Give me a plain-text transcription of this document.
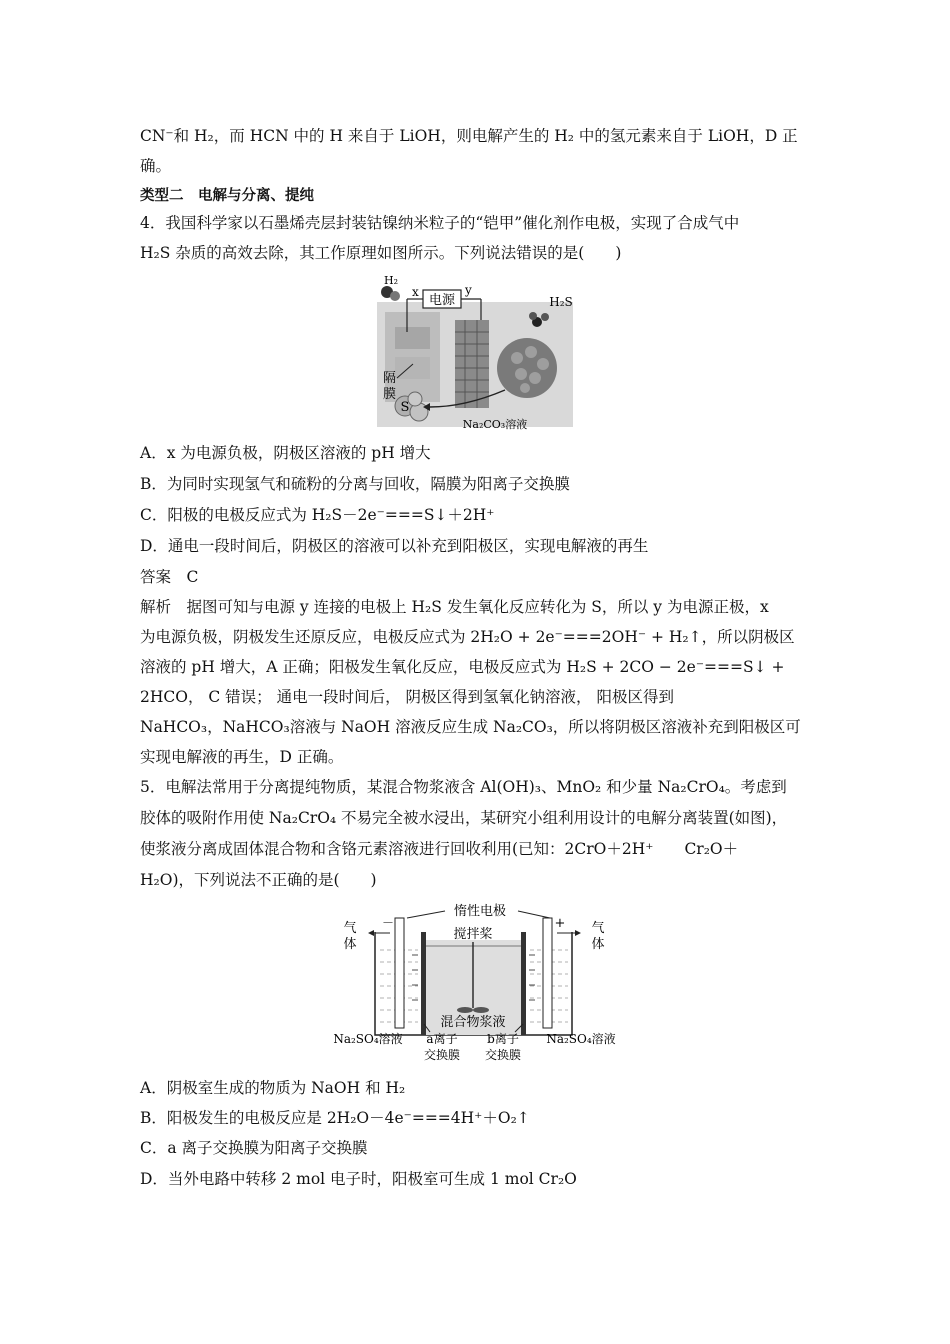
CN⁻和 H₂，而 HCN 中的 H 来自于 LiOH，则电解产生的 H₂ 中的氢元素来自于 LiOH，D 正
确。
类型二　电解与分离、提纯
4．我国科学家以石墨烯壳层封装钴镍纳米粒子的“铠甲”催化剂作电极，实现了合成气中
H₂S 杂质的高效去除，其工作原理如图所示。下列说法错误的是(　　)
电源
x	y
H₂
H₂S
隔
膜
S
Na₂CO₃溶液
A．x 为电源负极，阴极区溶液的 pH 增大
B．为同时实现氢气和硫粉的分离与回收，隔膜为阳离子交换膜
C．阳极的电极反应式为 H₂S－2e⁻===S↓＋2H⁺
D．通电一段时间后，阴极区的溶液可以补充到阳极区，实现电解液的再生
答案　C
解析　据图可知与电源 y 连接的电极上 H₂S 发生氧化反应转化为 S，所以 y 为电源正极，x
为电源负极，阴极发生还原反应，电极反应式为 2H₂O + 2e⁻===2OH⁻ + H₂↑，所以阴极区
溶液的 pH 增大，A 正确；阳极发生氧化反应，电极反应式为 H₂S + 2CO − 2e⁻===S↓ +
2HCO， C 错误； 通电一段时间后， 阴极区得到氢氧化钠溶液， 阳极区得到
NaHCO₃，NaHCO₃溶液与 NaOH 溶液反应生成 Na₂CO₃，所以将阴极区溶液补充到阳极区可
实现电解液的再生，D 正确。
5．电解法常用于分离提纯物质，某混合物浆液含 Al(OH)₃、MnO₂ 和少量 Na₂CrO₄。考虑到
胶体的吸附作用使 Na₂CrO₄ 不易完全被水浸出，某研究小组利用设计的电解分离装置(如图)，
使浆液分离成固体混合物和含铬元素溶液进行回收利用(已知：2CrO＋2H⁺　　Cr₂O＋
H₂O)，下列说法不正确的是(　　)
惰性电极
－	+
气
体
气
体
搅拌桨
混合物浆液
Na₂SO₄溶液	Na₂SO₄溶液
a离子
交换膜
b离子
交换膜
A．阴极室生成的物质为 NaOH 和 H₂
B．阳极发生的电极反应是 2H₂O－4e⁻===4H⁺＋O₂↑
C．a 离子交换膜为阳离子交换膜
D．当外电路中转移 2 mol 电子时，阳极室可生成 1 mol Cr₂O
